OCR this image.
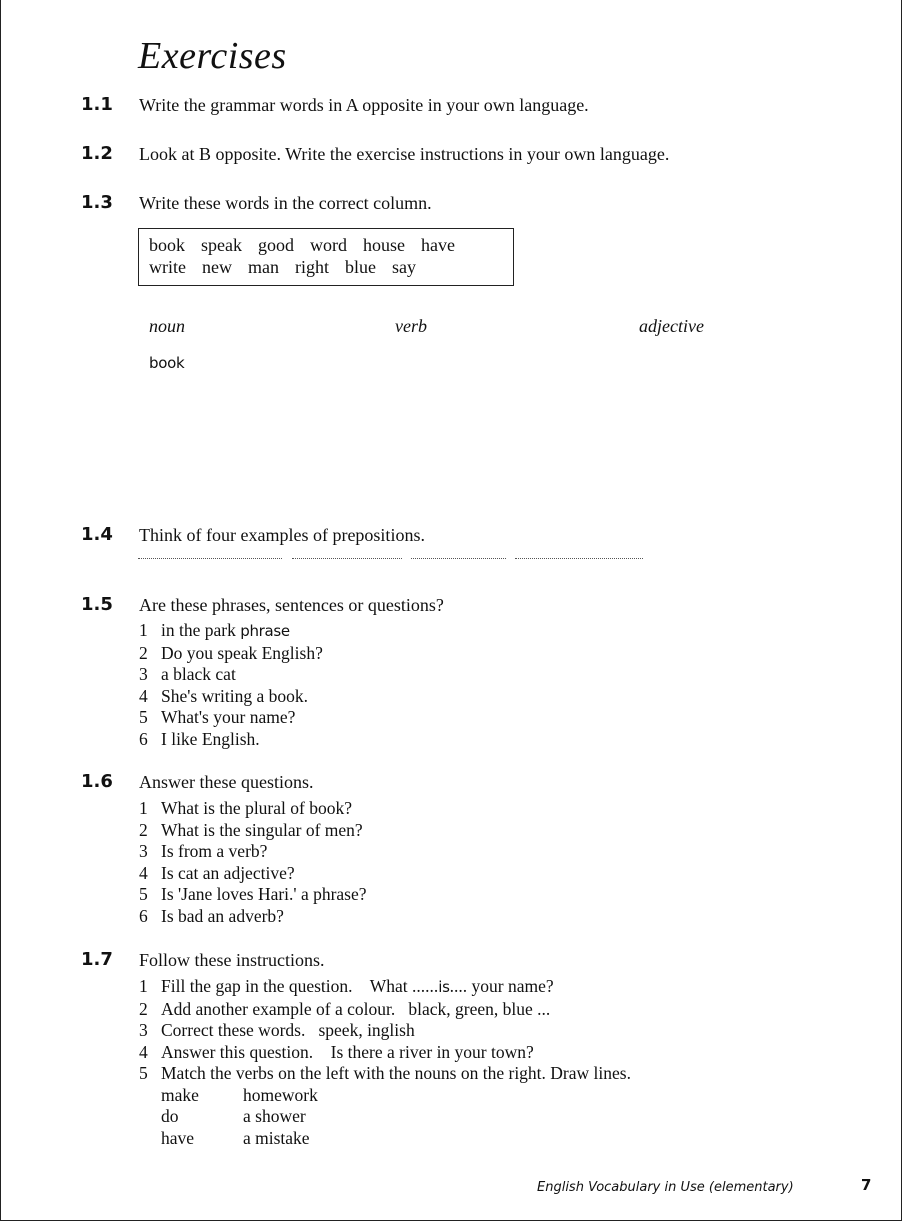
Exercises
1.1 Write the grammar words in A opposite in your own language.
1.2 Look at B opposite. Write the exercise instructions in your own language.
1.3 Write these words in the correct column.
book speak good word house have
write new man right blue say
noun	verb	adjective
book
1.4 Think of four examples of prepositions.
1.5 Are these phrases, sentences or questions?
1 in the park phrase
2 Do you speak English?
3 a black cat
4 She's writing a book.
5 What's your name?
6 I like English.
1.6 Answer these questions.
1 What is the plural of book?
2 What is the singular of men?
3 Is from a verb?
4 Is cat an adjective?
5 Is 'Jane loves Hari.' a phrase?
6 Is bad an adverb?
1.7 Follow these instructions.
1 Fill the gap in the question. What ......is.... your name?
2 Add another example of a colour. black, green, blue ...
3 Correct these words. speek, inglish
4 Answer this question. Is there a river in your town?
5 Match the verbs on the left with the nouns on the right. Draw lines.
make	homework
do	a shower
have	a mistake
English Vocabulary in Use (elementary)	7
